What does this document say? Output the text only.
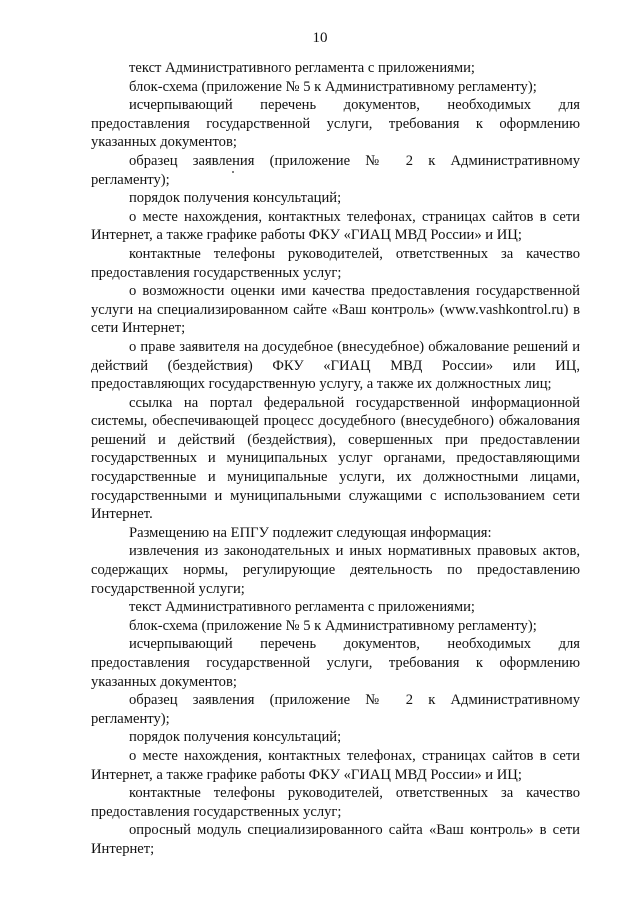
10

текст Административного регламента с приложениями;

блок-схема (приложение № 5 к Административному регламенту);

исчерпывающий перечень документов, необходимых для предоставления государственной услуги, требования к оформлению указанных документов;

образец заявления (приложение № 2 к Административному регламенту);

порядок получения консультаций;

о месте нахождения, контактных телефонах, страницах сайтов в сети Интернет, а также графике работы ФКУ «ГИАЦ МВД России» и ИЦ;

контактные телефоны руководителей, ответственных за качество предоставления государственных услуг;

о возможности оценки ими качества предоставления государственной услуги на специализированном сайте «Ваш контроль» (www.vashkontrol.ru) в сети Интернет;

о праве заявителя на досудебное (внесудебное) обжалование решений и действий (бездействия) ФКУ «ГИАЦ МВД России» или ИЦ, предоставляющих государственную услугу, а также их должностных лиц;

ссылка на портал федеральной государственной информационной системы, обеспечивающей процесс досудебного (внесудебного) обжалования решений и действий (бездействия), совершенных при предоставлении государственных и муниципальных услуг органами, предоставляющими государственные и муниципальные услуги, их должностными лицами, государственными и муниципальными служащими с использованием сети Интернет.

Размещению на ЕПГУ подлежит следующая информация:

извлечения из законодательных и иных нормативных правовых актов, содержащих нормы, регулирующие деятельность по предоставлению государственной услуги;

текст Административного регламента с приложениями;

блок-схема (приложение № 5 к Административному регламенту);

исчерпывающий перечень документов, необходимых для предоставления государственной услуги, требования к оформлению указанных документов;

образец заявления (приложение № 2 к Административному регламенту);

порядок получения консультаций;

о месте нахождения, контактных телефонах, страницах сайтов в сети Интернет, а также графике работы ФКУ «ГИАЦ МВД России» и ИЦ;

контактные телефоны руководителей, ответственных за качество предоставления государственных услуг;

опросный модуль специализированного сайта «Ваш контроль» в сети Интернет;
